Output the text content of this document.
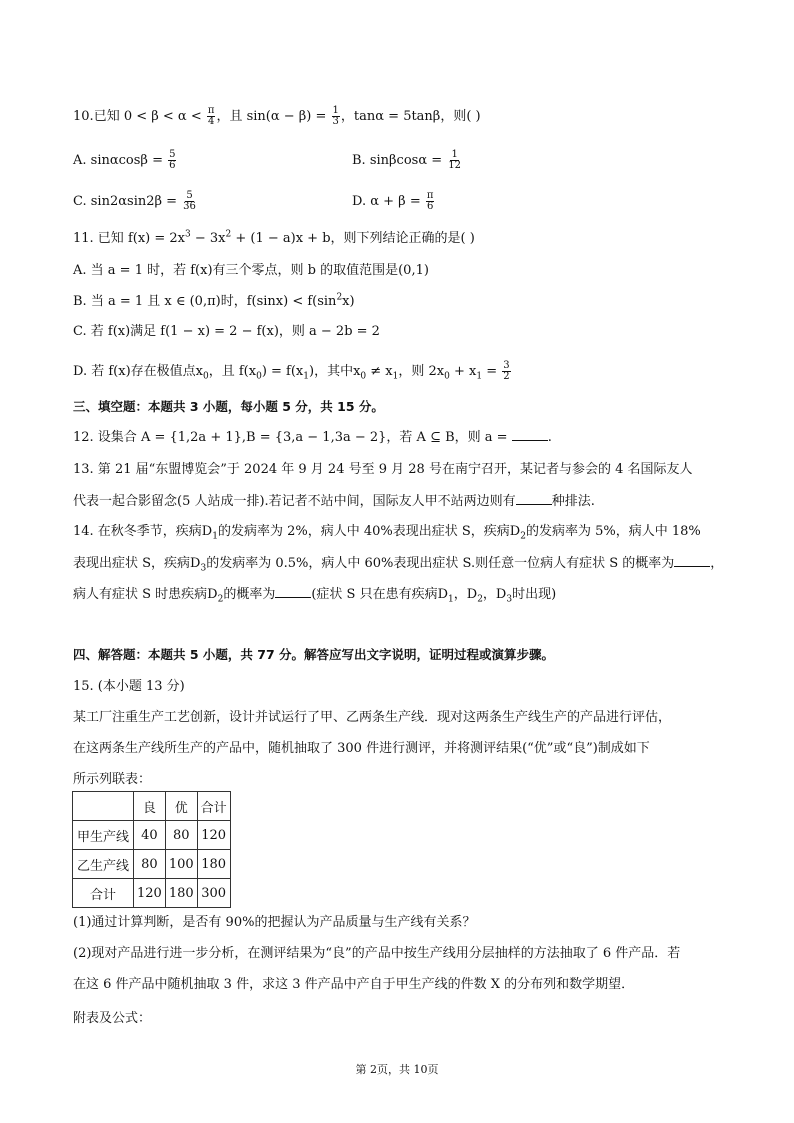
10.已知 $0 < \beta < \alpha < \frac{\pi}{4}$ ，且 $\sin(\alpha - \beta) = \frac{1}{3}$ ，tanα = 5tanβ，则( )
A. $\sin\alpha\cos\beta = \frac{5}{6}$	B. $\sin\beta\cos\alpha = \frac{1}{12}$
C. $\sin 2\alpha\sin 2\beta = \frac{5}{36}$	D. $\alpha + \beta = \frac{\pi}{6}$
11. 已知 $f(x) = 2x^3 - 3x^2 + (1 - a)x + b$，则下列结论正确的是( )
A. 当 a = 1 时，若 f(x)有三个零点，则 b 的取值范围是(0,1)
B. 当 a = 1 且 x ∈ (0,π)时，$f(\sin x) < f(\sin^2x)$
C. 若 f(x)满足 f(1 − x) = 2 − f(x)，则 a − 2b = 2
D. 若 f(x)存在极值点$x_0$，且 $f(x_0) = f(x_1)$，其中$x_0 \ne x_1$，则 $2x_0 + x_1 = \frac{3}{2}$
三、填空题：本题共 3 小题，每小题 5 分，共 15 分。
12. 设集合 A = {1,2a + 1},B = {3,a − 1,3a − 2}，若 A ⊆ B，则 a =	.
13. 第 21 届“东盟博览会”于 2024 年 9 月 24 号至 9 月 28 号在南宁召开，某记者与参会的 4 名国际友人
代表一起合影留念(5 人站成一排).若记者不站中间，国际友人甲不站两边则有	种排法.
14. 在秋冬季节，疾病$D_1$的发病率为 2%，病人中 40%表现出症状 S，疾病$D_2$的发病率为 5%，病人中 18%
表现出症状 S，疾病$D_3$的发病率为 0.5%，病人中 60%表现出症状 S.则任意一位病人有症状 S 的概率为	，
病人有症状 S 时患疾病$D_2$的概率为	(症状 S 只在患有疾病$D_1$，$D_2$，$D_3$时出现)
四、解答题：本题共 5 小题，共 77 分。解答应写出文字说明，证明过程或演算步骤。
15. (本小题 13 分)
某工厂注重生产工艺创新，设计并试运行了甲、乙两条生产线．现对这两条生产线生产的产品进行评估，
在这两条生产线所生产的产品中，随机抽取了 300 件进行测评，并将测评结果(“优”或“良”)制成如下
所示列联表：
	良	优	合计
甲生产线	40	80	120
乙生产线	80	100	180
合计	120	180	300
(1)通过计算判断，是否有 90%的把握认为产品质量与生产线有关系？
(2)现对产品进行进一步分析，在测评结果为“良”的产品中按生产线用分层抽样的方法抽取了 6 件产品．若
在这 6 件产品中随机抽取 3 件，求这 3 件产品中产自于甲生产线的件数 X 的分布列和数学期望．
附表及公式：
第 2页，共 10页
